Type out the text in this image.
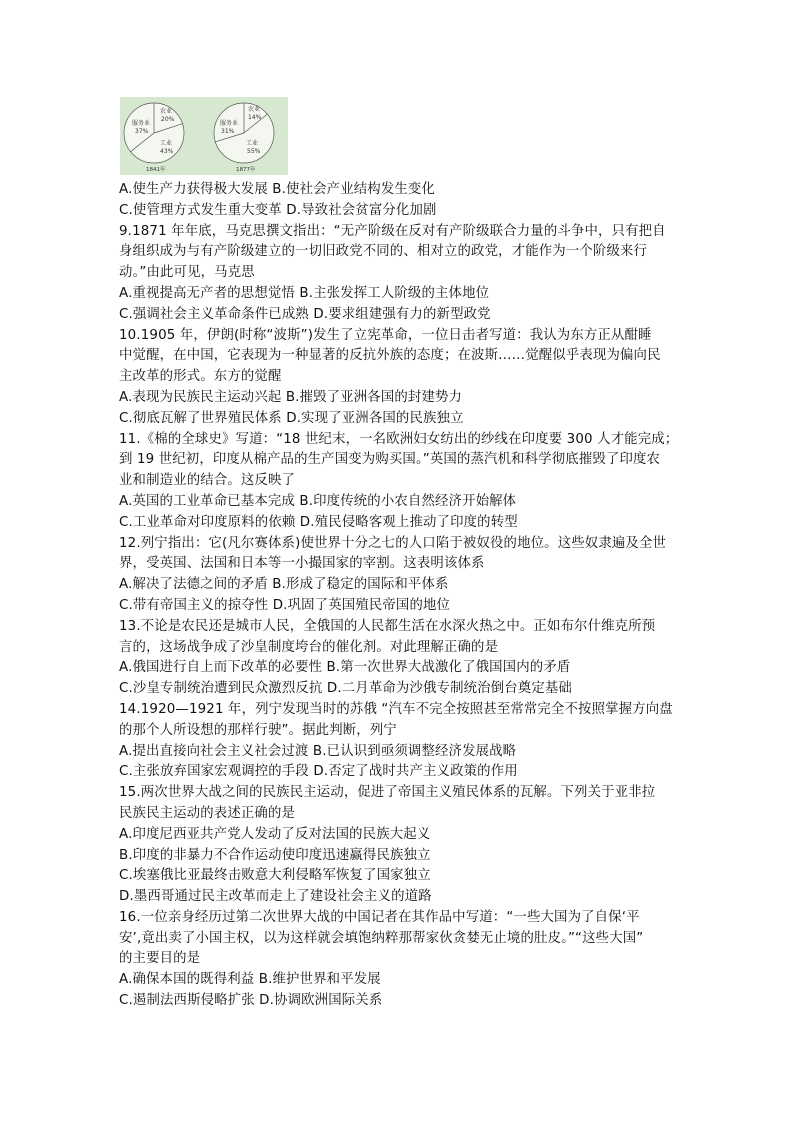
农业
20%
服务业
37%
工业
43%
1841年
农业
14%
服务业
31%
工业
55%
1877年
A.使生产力获得极大发展 B.使社会产业结构发生变化
C.使管理方式发生重大变革 D.导致社会贫富分化加剧
9.1871 年年底，马克思撰文指出：“无产阶级在反对有产阶级联合力量的斗争中，只有把自
身组织成为与有产阶级建立的一切旧政党不同的、相对立的政党，才能作为一个阶级来行
动。”由此可见，马克思
A.重视提高无产者的思想觉悟 B.主张发挥工人阶级的主体地位
C.强调社会主义革命条件已成熟 D.要求组建强有力的新型政党
10.1905 年，伊朗(时称“波斯”)发生了立宪革命，一位日击者写道：我认为东方正从酣睡
中觉醒，在中国，它表现为一种显著的反抗外族的态度；在波斯……觉醒似乎表现为偏向民
主改革的形式。东方的觉醒
A.表现为民族民主运动兴起 B.摧毁了亚洲各国的封建势力
C.彻底瓦解了世界殖民体系 D.实现了亚洲各国的民族独立
11.《棉的全球史》写道：“18 世纪末，一名欧洲妇女纺出的纱线在印度要 300 人才能完成；
到 19 世纪初，印度从棉产品的生产国变为购买国。”英国的蒸汽机和科学彻底摧毁了印度农
业和制造业的结合。这反映了
A.英国的工业革命已基本完成 B.印度传统的小农自然经济开始解体
C.工业革命对印度原料的依赖 D.殖民侵略客观上推动了印度的转型
12.列宁指出：它(凡尔赛体系)使世界十分之七的人口陷于被奴役的地位。这些奴隶遍及全世
界，受英国、法国和日本等一小撮国家的宰割。这表明该体系
A.解决了法德之间的矛盾 B.形成了稳定的国际和平体系
C.带有帝国主义的掠夺性 D.巩固了英国殖民帝国的地位
13.不论是农民还是城市人民，全俄国的人民都生活在水深火热之中。正如布尔什维克所预
言的，这场战争成了沙皇制度垮台的催化剂。对此理解正确的是
A.俄国进行自上而下改革的必要性 B.第一次世界大战激化了俄国国内的矛盾
C.沙皇专制统治遭到民众激烈反抗 D.二月革命为沙俄专制统治倒台奠定基础
14.1920—1921 年，列宁发现当时的苏俄 “汽车不完全按照甚至常常完全不按照掌握方向盘
的那个人所设想的那样行驶”。据此判断，列宁
A.提出直接向社会主义社会过渡 B.已认识到亟须调整经济发展战略
C.主张放弃国家宏观调控的手段 D.否定了战时共产主义政策的作用
15.两次世界大战之间的民族民主运动，促进了帝国主义殖民体系的瓦解。下列关于亚非拉
民族民主运动的表述正确的是
A.印度尼西亚共产党人发动了反对法国的民族大起义
B.印度的非暴力不合作运动使印度迅速赢得民族独立
C.埃塞俄比亚最终击败意大利侵略军恢复了国家独立
D.墨西哥通过民主改革而走上了建设社会主义的道路
16.一位亲身经历过第二次世界大战的中国记者在其作品中写道：“一些大国为了自保‘平
安’,竟出卖了小国主权，以为这样就会填饱纳粹那帮家伙贪婪无止境的肚皮。”“这些大国”
的主要目的是
A.确保本国的既得利益 B.维护世界和平发展
C.遏制法西斯侵略扩张 D.协调欧洲国际关系
